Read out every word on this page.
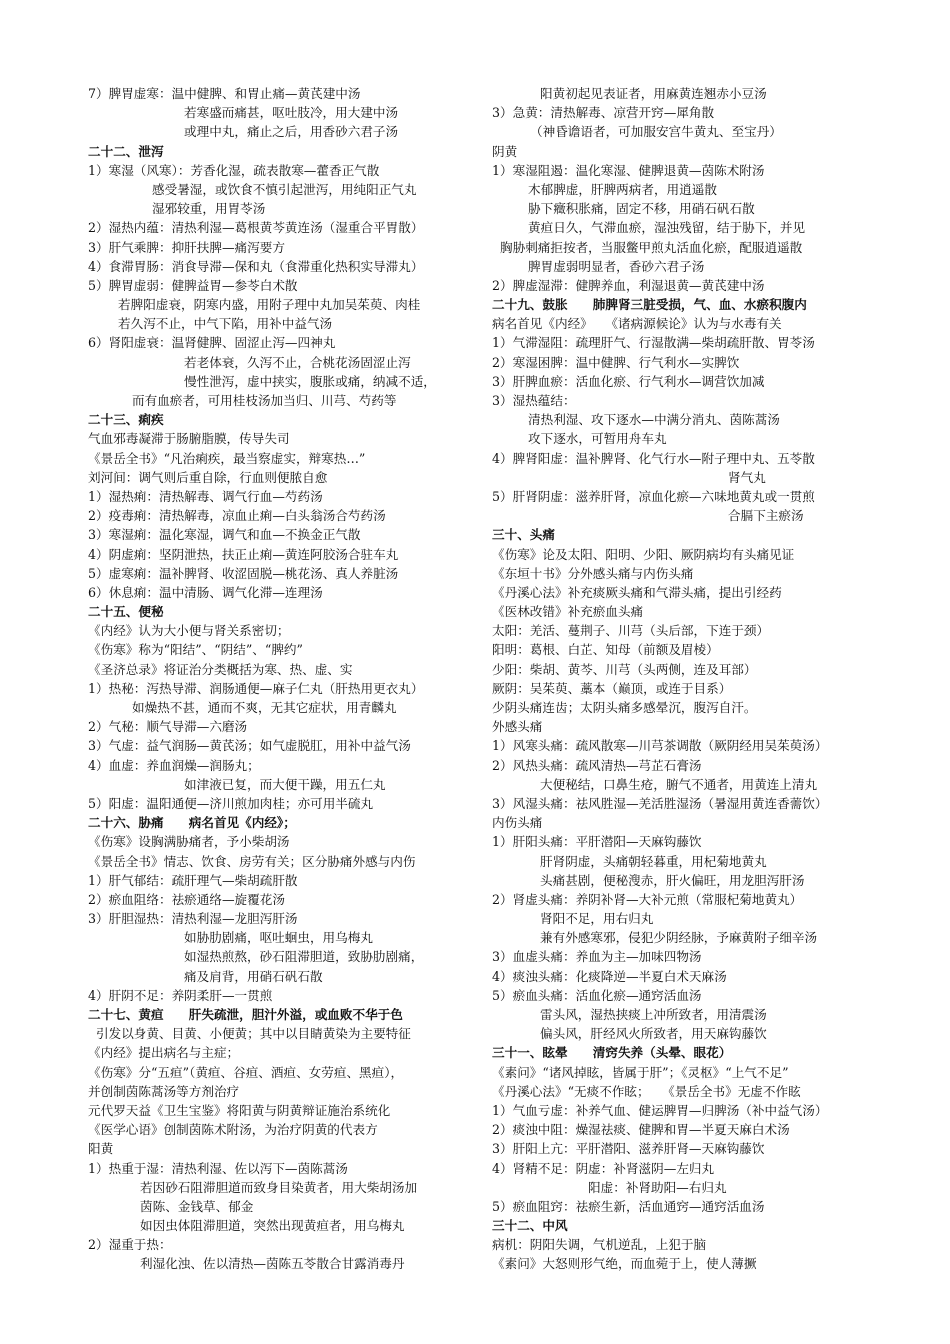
7）脾胃虚寒：温中健脾、和胃止痛—黄芪建中汤
若寒盛而痛甚，呕吐肢冷，用大建中汤
或理中丸，痛止之后，用香砂六君子汤
二十二、泄泻
1）寒湿（风寒）：芳香化湿，疏表散寒—藿香正气散
感受暑湿，或饮食不慎引起泄泻，用纯阳正气丸
湿邪较重，用胃苓汤
2）湿热内蕴：清热利湿—葛根黄芩黄连汤（湿重合平胃散）
3）肝气乘脾：抑肝扶脾—痛泻要方
4）食滞胃肠：消食导滞—保和丸（食滞重化热积实导滞丸）
5）脾胃虚弱：健脾益胃—参苓白术散
若脾阳虚衰，阴寒内盛，用附子理中丸加吴茱萸、肉桂
若久泻不止，中气下陷，用补中益气汤
6）肾阳虚衰：温肾健脾、固涩止泻—四神丸
若老体衰，久泻不止，合桃花汤固涩止泻
慢性泄泻，虚中挟实，腹胀或痛，纳减不适，
而有血瘀者，可用桂枝汤加当归、川芎、芍药等
二十三、痢疾
气血邪毒凝滞于肠腑脂膜，传导失司
《景岳全书》“凡治痢疾，最当察虚实，辩寒热…”
刘河间：调气则后重自除，行血则便脓自愈
1）湿热痢：清热解毒、调气行血—芍药汤
2）疫毒痢：清热解毒，凉血止痢—白头翁汤合芍药汤
3）寒湿痢：温化寒湿，调气和血—不换金正气散
4）阴虚痢：坚阴泄热，扶正止痢—黄连阿胶汤合驻车丸
5）虚寒痢：温补脾肾、收涩固脱—桃花汤、真人养脏汤
6）休息痢：温中清肠、调气化滞—连理汤
二十五、便秘
《内经》认为大小便与肾关系密切；
《伤寒》称为“阳结”、“阴结”、“脾约”
《圣济总录》将证治分类概括为寒、热、虚、实
1）热秘：泻热导滞、润肠通便—麻子仁丸（肝热用更衣丸）
如燥热不甚，通而不爽，无其它症状，用青麟丸
2）气秘：顺气导滞—六磨汤
3）气虚：益气润肠—黄芪汤；如气虚脱肛，用补中益气汤
4）血虚：养血润燥—润肠丸；
如津液已复，而大便干躁，用五仁丸
5）阳虚：温阳通便—济川煎加肉桂；亦可用半硫丸
二十六、胁痛　　病名首见《内经》；
《伤寒》设胸满胁痛者，予小柴胡汤
《景岳全书》情志、饮食、房劳有关；区分胁痛外感与内伤
1）肝气郁结：疏肝理气—柴胡疏肝散
2）瘀血阻络：祛瘀通络—旋覆花汤
3）肝胆湿热：清热利湿—龙胆泻肝汤
如胁肋剧痛，呕吐蛔虫，用乌梅丸
如湿热煎熬，砂石阻滞胆道，致胁肋剧痛，
痛及肩背，用硝石矾石散
4）肝阴不足：养阴柔肝—一贯煎
二十七、黄疸　　肝失疏泄，胆汁外溢，或血败不华于色
引发以身黄、目黄、小便黄；其中以目睛黄染为主要特征
《内经》提出病名与主症；
《伤寒》分“五疸”（黄疸、谷疸、酒疸、女劳疸、黑疸），
并创制茵陈蒿汤等方剂治疗
元代罗天益《卫生宝鉴》将阳黄与阴黄辩证施治系统化
《医学心语》创制茵陈术附汤，为治疗阴黄的代表方
阳黄
1）热重于湿：清热利湿、佐以泻下—茵陈蒿汤
若因砂石阻滞胆道而致身目染黄者，用大柴胡汤加
茵陈、金钱草、郁金
如因虫体阻滞胆道，突然出现黄疸者，用乌梅丸
2）湿重于热：
利湿化浊、佐以清热—茵陈五苓散合甘露消毒丹
阳黄初起见表证者，用麻黄连翘赤小豆汤
3）急黄：清热解毒、凉营开窍—犀角散
（神昏谵语者，可加服安宫牛黄丸、至宝丹）
阴黄
1）寒湿阻遏：温化寒湿、健脾退黄—茵陈术附汤
木郁脾虚，肝脾两病者，用逍遥散
胁下癥积胀痛，固定不移，用硝石矾石散
黄疸日久，气滞血瘀，湿浊残留，结于胁下，并见
胸胁刺痛拒按者，当服鳖甲煎丸活血化瘀，配服逍遥散
脾胃虚弱明显者，香砂六君子汤
2）脾虚湿滞：健脾养血，利湿退黄—黄芪建中汤
二十九、鼓胀　　肺脾肾三脏受损，气、血、水瘀积腹内
病名首见《内经》　　《诸病源候论》认为与水毒有关
1）气滞湿阻：疏理肝气、行湿散满—柴胡疏肝散、胃苓汤
2）寒湿困脾：温中健脾、行气利水—实脾饮
3）肝脾血瘀：活血化瘀、行气利水—调营饮加减
3）湿热蕴结：
清热利湿、攻下逐水—中满分消丸、茵陈蒿汤
攻下逐水，可暂用舟车丸
4）脾肾阳虚：温补脾肾、化气行水—附子理中丸、五苓散
肾气丸
5）肝肾阴虚：滋养肝肾，凉血化瘀—六味地黄丸或一贯煎
合膈下主瘀汤
三十、头痛
《伤寒》论及太阳、阳明、少阳、厥阴病均有头痛见证
《东垣十书》分外感头痛与内伤头痛
《丹溪心法》补充痰厥头痛和气滞头痛，提出引经药
《医林改错》补充瘀血头痛
太阳：羌活、蔓荆子、川芎（头后部，下连于颈）
阳明：葛根、白芷、知母（前额及眉棱）
少阳：柴胡、黄芩、川芎（头两侧，连及耳部）
厥阴：吴茱萸、藁本（巅顶，或连于目系）
少阴头痛连齿；太阴头痛多感晕沉，腹泻自汗。
外感头痛
1）风寒头痛：疏风散寒—川芎茶调散（厥阴经用吴茱萸汤）
2）风热头痛：疏风清热—芎芷石膏汤
大便秘结，口鼻生疮，腑气不通者，用黄连上清丸
3）风湿头痛：祛风胜湿—羌活胜湿汤（暑湿用黄连香薷饮）
内伤头痛
1）肝阳头痛：平肝潜阳—天麻钩藤饮
肝肾阴虚，头痛朝轻暮重，用杞菊地黄丸
头痛甚剧，便秘溲赤，肝火偏旺，用龙胆泻肝汤
2）肾虚头痛：养阴补肾—大补元煎（常服杞菊地黄丸）
肾阳不足，用右归丸
兼有外感寒邪，侵犯少阴经脉，予麻黄附子细辛汤
3）血虚头痛：养血为主—加味四物汤
4）痰浊头痛：化痰降逆—半夏白术天麻汤
5）瘀血头痛：活血化瘀—通窍活血汤
雷头风，湿热挟痰上冲所致者，用清震汤
偏头风，肝经风火所致者，用天麻钩藤饮
三十一、眩晕　　清窍失养（头晕、眼花）
《素问》“诸风掉眩，皆属于肝”；《灵枢》“上气不足”
《丹溪心法》“无痰不作眩；　　《景岳全书》无虚不作眩
1）气血亏虚：补养气血、健运脾胃—归脾汤（补中益气汤）
2）痰浊中阻：燥湿祛痰、健脾和胃—半夏天麻白术汤
3）肝阳上亢：平肝潜阳、滋养肝肾—天麻钩藤饮
4）肾精不足：阴虚：补肾滋阴—左归丸
阳虚：补肾助阳—右归丸
5）瘀血阻窍：祛瘀生新，活血通窍—通窍活血汤
三十二、中风
病机：阴阳失调，气机逆乱，上犯于脑
《素问》大怒则形气绝，而血菀于上，使人薄撅
